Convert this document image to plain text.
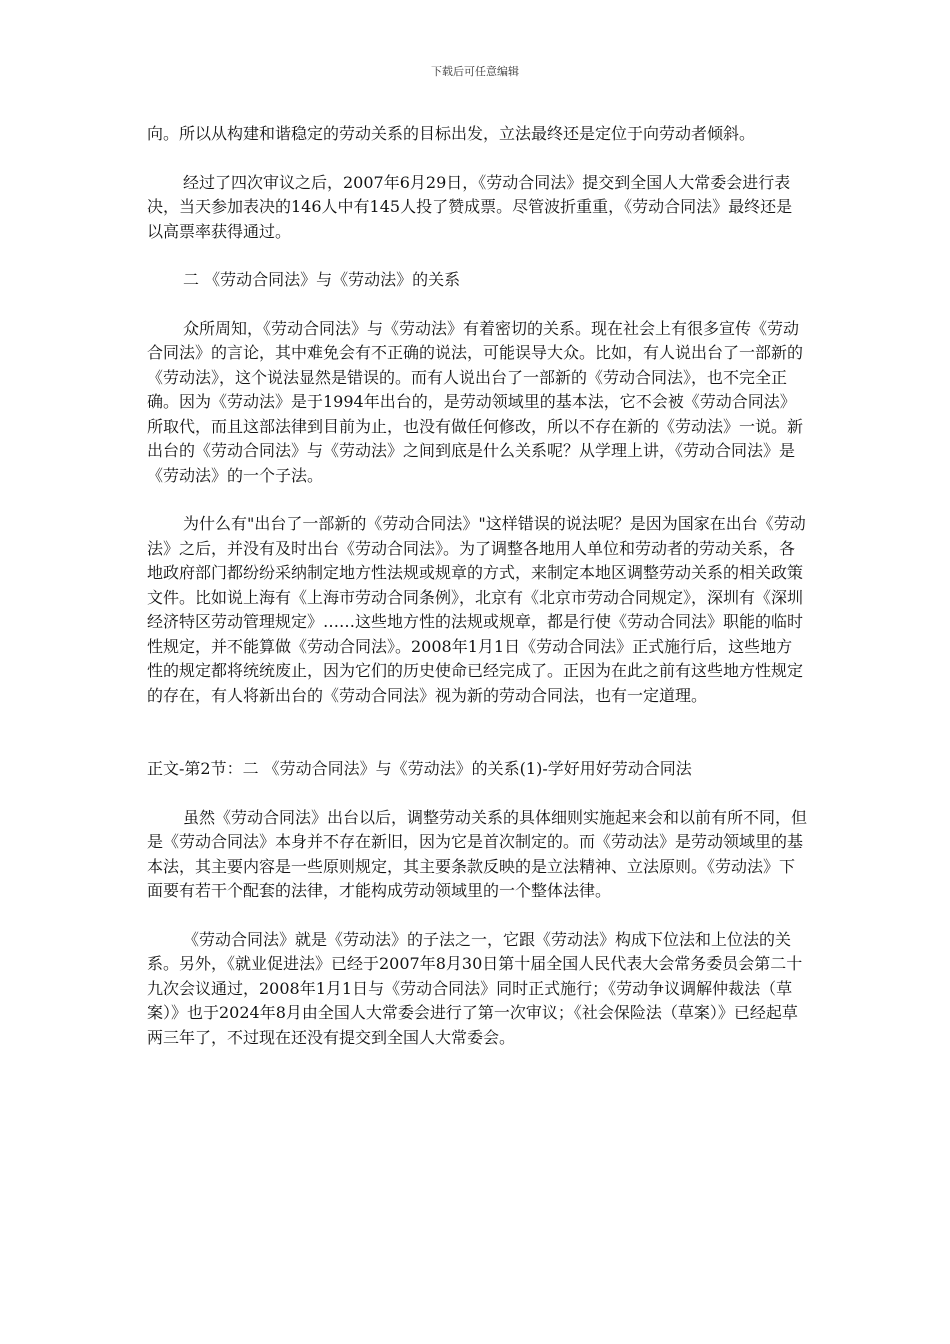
下载后可任意编辑

向。所以从构建和谐稳定的劳动关系的目标出发，立法最终还是定位于向劳动者倾斜。

经过了四次审议之后，2007年6月29日，《劳动合同法》提交到全国人大常委会进行表决，当天参加表决的146人中有145人投了赞成票。尽管波折重重，《劳动合同法》最终还是以高票率获得通过。

二 《劳动合同法》与《劳动法》的关系

众所周知，《劳动合同法》与《劳动法》有着密切的关系。现在社会上有很多宣传《劳动合同法》的言论，其中难免会有不正确的说法，可能误导大众。比如，有人说出台了一部新的《劳动法》，这个说法显然是错误的。而有人说出台了一部新的《劳动合同法》，也不完全正确。因为《劳动法》是于1994年出台的，是劳动领域里的基本法，它不会被《劳动合同法》所取代，而且这部法律到目前为止，也没有做任何修改，所以不存在新的《劳动法》一说。新出台的《劳动合同法》与《劳动法》之间到底是什么关系呢？从学理上讲，《劳动合同法》是《劳动法》的一个子法。

为什么有"出台了一部新的《劳动合同法》"这样错误的说法呢？是因为国家在出台《劳动法》之后，并没有及时出台《劳动合同法》。为了调整各地用人单位和劳动者的劳动关系，各地政府部门都纷纷采纳制定地方性法规或规章的方式，来制定本地区调整劳动关系的相关政策文件。比如说上海有《上海市劳动合同条例》，北京有《北京市劳动合同规定》，深圳有《深圳经济特区劳动管理规定》……这些地方性的法规或规章，都是行使《劳动合同法》职能的临时性规定，并不能算做《劳动合同法》。2008年1月1日《劳动合同法》正式施行后，这些地方性的规定都将统统废止，因为它们的历史使命已经完成了。正因为在此之前有这些地方性规定的存在，有人将新出台的《劳动合同法》视为新的劳动合同法，也有一定道理。

正文-第2节：二 《劳动合同法》与《劳动法》的关系(1)-学好用好劳动合同法

虽然《劳动合同法》出台以后，调整劳动关系的具体细则实施起来会和以前有所不同，但是《劳动合同法》本身并不存在新旧，因为它是首次制定的。而《劳动法》是劳动领域里的基本法，其主要内容是一些原则规定，其主要条款反映的是立法精神、立法原则。《劳动法》下面要有若干个配套的法律，才能构成劳动领域里的一个整体法律。

《劳动合同法》就是《劳动法》的子法之一，它跟《劳动法》构成下位法和上位法的关系。另外，《就业促进法》已经于2007年8月30日第十届全国人民代表大会常务委员会第二十九次会议通过，2008年1月1日与《劳动合同法》同时正式施行；《劳动争议调解仲裁法（草案）》也于2024年8月由全国人大常委会进行了第一次审议；《社会保险法（草案）》已经起草两三年了，不过现在还没有提交到全国人大常委会。
